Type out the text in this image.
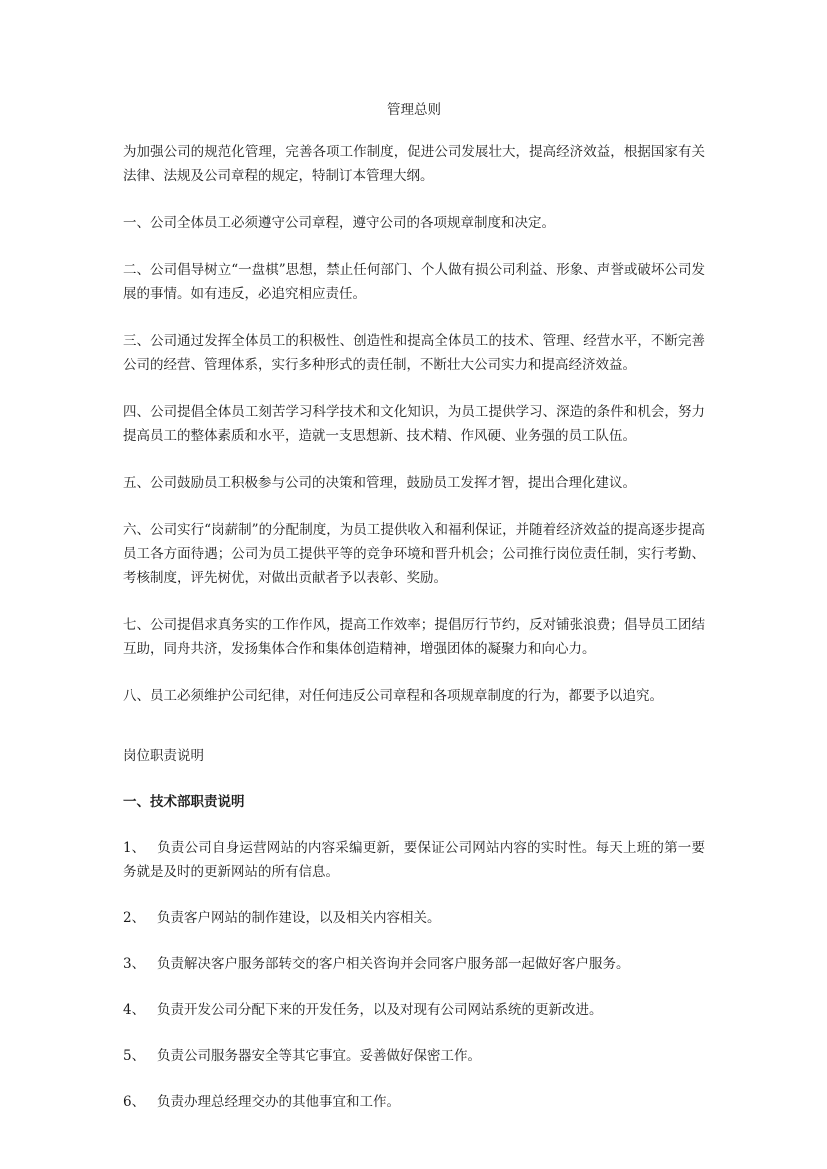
管理总则

为加强公司的规范化管理，完善各项工作制度，促进公司发展壮大，提高经济效益，根据国家有关法律、法规及公司章程的规定，特制订本管理大纲。

一、公司全体员工必须遵守公司章程，遵守公司的各项规章制度和决定。

二、公司倡导树立“一盘棋”思想，禁止任何部门、个人做有损公司利益、形象、声誉或破坏公司发展的事情。如有违反，必追究相应责任。

三、公司通过发挥全体员工的积极性、创造性和提高全体员工的技术、管理、经营水平，不断完善公司的经营、管理体系，实行多种形式的责任制，不断壮大公司实力和提高经济效益。

四、公司提倡全体员工刻苦学习科学技术和文化知识，为员工提供学习、深造的条件和机会，努力提高员工的整体素质和水平，造就一支思想新、技术精、作风硬、业务强的员工队伍。

五、公司鼓励员工积极参与公司的决策和管理，鼓励员工发挥才智，提出合理化建议。

六、公司实行“岗薪制”的分配制度，为员工提供收入和福利保证，并随着经济效益的提高逐步提高员工各方面待遇；公司为员工提供平等的竞争环境和晋升机会；公司推行岗位责任制，实行考勤、考核制度，评先树优，对做出贡献者予以表彰、奖励。

七、公司提倡求真务实的工作作风，提高工作效率；提倡厉行节约，反对铺张浪费；倡导员工团结互助，同舟共济，发扬集体合作和集体创造精神，增强团体的凝聚力和向心力。

八、员工必须维护公司纪律，对任何违反公司章程和各项规章制度的行为，都要予以追究。

岗位职责说明
一、技术部职责说明

1、 负责公司自身运营网站的内容采编更新，要保证公司网站内容的实时性。每天上班的第一要务就是及时的更新网站的所有信息。

2、 负责客户网站的制作建设，以及相关内容相关。

3、 负责解决客户服务部转交的客户相关咨询并会同客户服务部一起做好客户服务。

4、 负责开发公司分配下来的开发任务，以及对现有公司网站系统的更新改进。

5、 负责公司服务器安全等其它事宜。妥善做好保密工作。

6、 负责办理总经理交办的其他事宜和工作。
